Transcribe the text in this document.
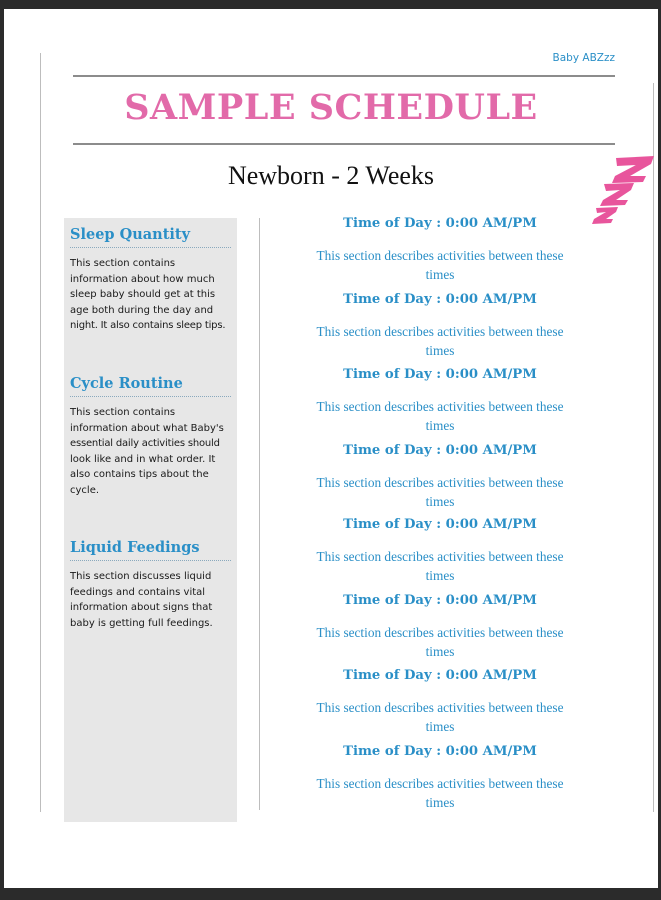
Baby ABZzz
SAMPLE SCHEDULE
Newborn - 2 Weeks
Sleep Quantity
This section contains
information about how much
sleep baby should get at this
age both during the day and
night. It also contains sleep tips.
Cycle Routine
This section contains
information about what Baby's
essential daily activities should
look like and in what order. It
also contains tips about the
cycle.
Liquid Feedings
This section discusses liquid
feedings and contains vital
information about signs that
baby is getting full feedings.
Time of Day : 0:00 AM/PM
This section describes activities between these
times
Time of Day : 0:00 AM/PM
This section describes activities between these
times
Time of Day : 0:00 AM/PM
This section describes activities between these
times
Time of Day : 0:00 AM/PM
This section describes activities between these
times
Time of Day : 0:00 AM/PM
This section describes activities between these
times
Time of Day : 0:00 AM/PM
This section describes activities between these
times
Time of Day : 0:00 AM/PM
This section describes activities between these
times
Time of Day : 0:00 AM/PM
This section describes activities between these
times
